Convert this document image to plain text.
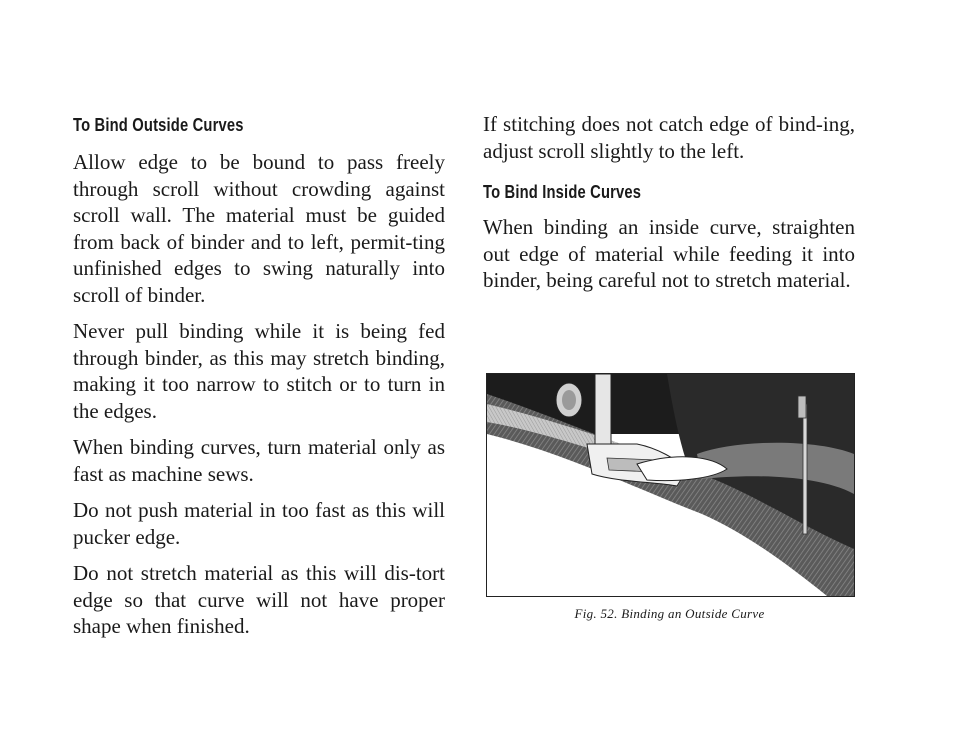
To Bind Outside Curves

Allow edge to be bound to pass freely through scroll without crowding against scroll wall. The material must be guided from back of binder and to left, permit-ting unfinished edges to swing naturally into scroll of binder.

Never pull binding while it is being fed through binder, as this may stretch binding, making it too narrow to stitch or to turn in the edges.

When binding curves, turn material only as fast as machine sews.

Do not push material in too fast as this will pucker edge.

Do not stretch material as this will dis-tort edge so that curve will not have proper shape when finished.

If stitching does not catch edge of bind-ing, adjust scroll slightly to the left.

To Bind Inside Curves

When binding an inside curve, straighten out edge of material while feeding it into binder, being careful not to stretch material.

Fig. 52. Binding an Outside Curve
